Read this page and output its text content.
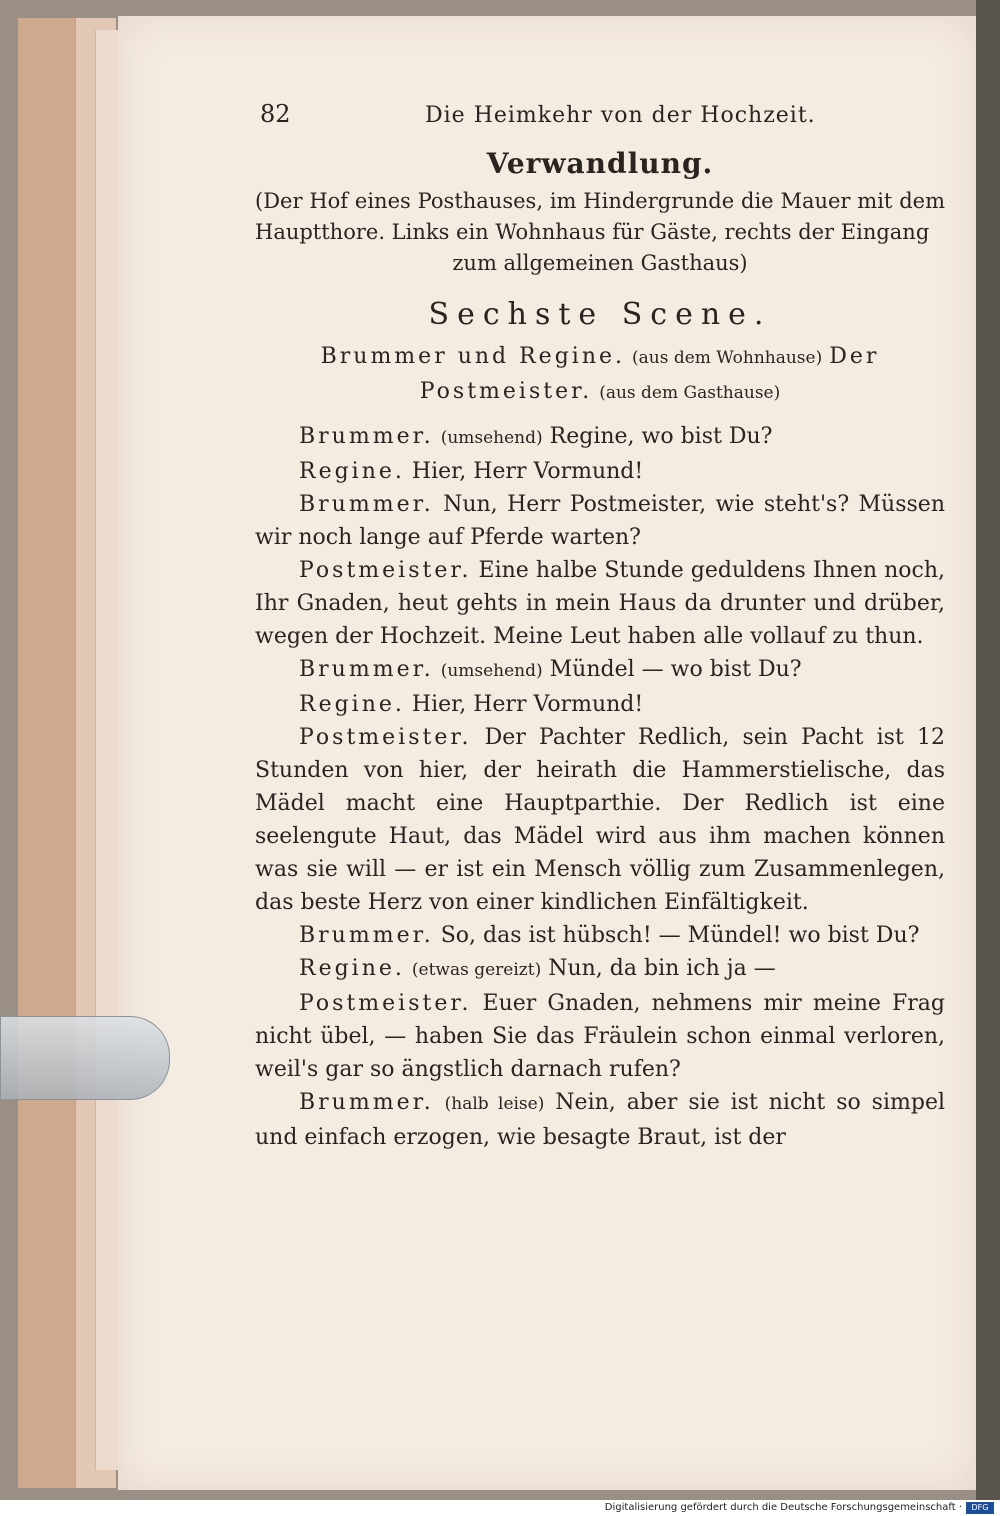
82	Die Heimkehr von der Hochzeit.
Verwandlung.

(Der Hof eines Posthauses, im Hindergrunde die Mauer mit dem Hauptthore. Links ein Wohnhaus für Gäste, rechts der Eingang

zum allgemeinen Gasthaus)

Sechste Scene.

Brummer und Regine. (aus dem Wohnhause) Der Postmeister. (aus dem Gasthause)

Brummer. (umsehend) Regine, wo bist Du?

Regine. Hier, Herr Vormund!

Brummer. Nun, Herr Postmeister, wie steht's? Müssen wir noch lange auf Pferde warten?

Postmeister. Eine halbe Stunde geduldens Ihnen noch, Ihr Gnaden, heut gehts in mein Haus da drunter und drüber, wegen der Hochzeit. Meine Leut haben alle vollauf zu thun.

Brummer. (umsehend) Mündel — wo bist Du?

Regine. Hier, Herr Vormund!

Postmeister. Der Pachter Redlich, sein Pacht ist 12 Stunden von hier, der heirath die Hammerstielische, das Mädel macht eine Hauptparthie. Der Redlich ist eine seelengute Haut, das Mädel wird aus ihm machen können was sie will — er ist ein Mensch völlig zum Zusammenlegen, das beste Herz von einer kindlichen Einfältigkeit.

Brummer. So, das ist hübsch! — Mündel! wo bist Du?

Regine. (etwas gereizt) Nun, da bin ich ja —

Postmeister. Euer Gnaden, nehmens mir meine Frag nicht übel, — haben Sie das Fräulein schon einmal verloren, weil's gar so ängstlich darnach rufen?

Brummer. (halb leise) Nein, aber sie ist nicht so simpel und einfach erzogen, wie besagte Braut, ist der

Digitalisierung gefördert durch die Deutsche Forschungsgemeinschaft ·	DFG
